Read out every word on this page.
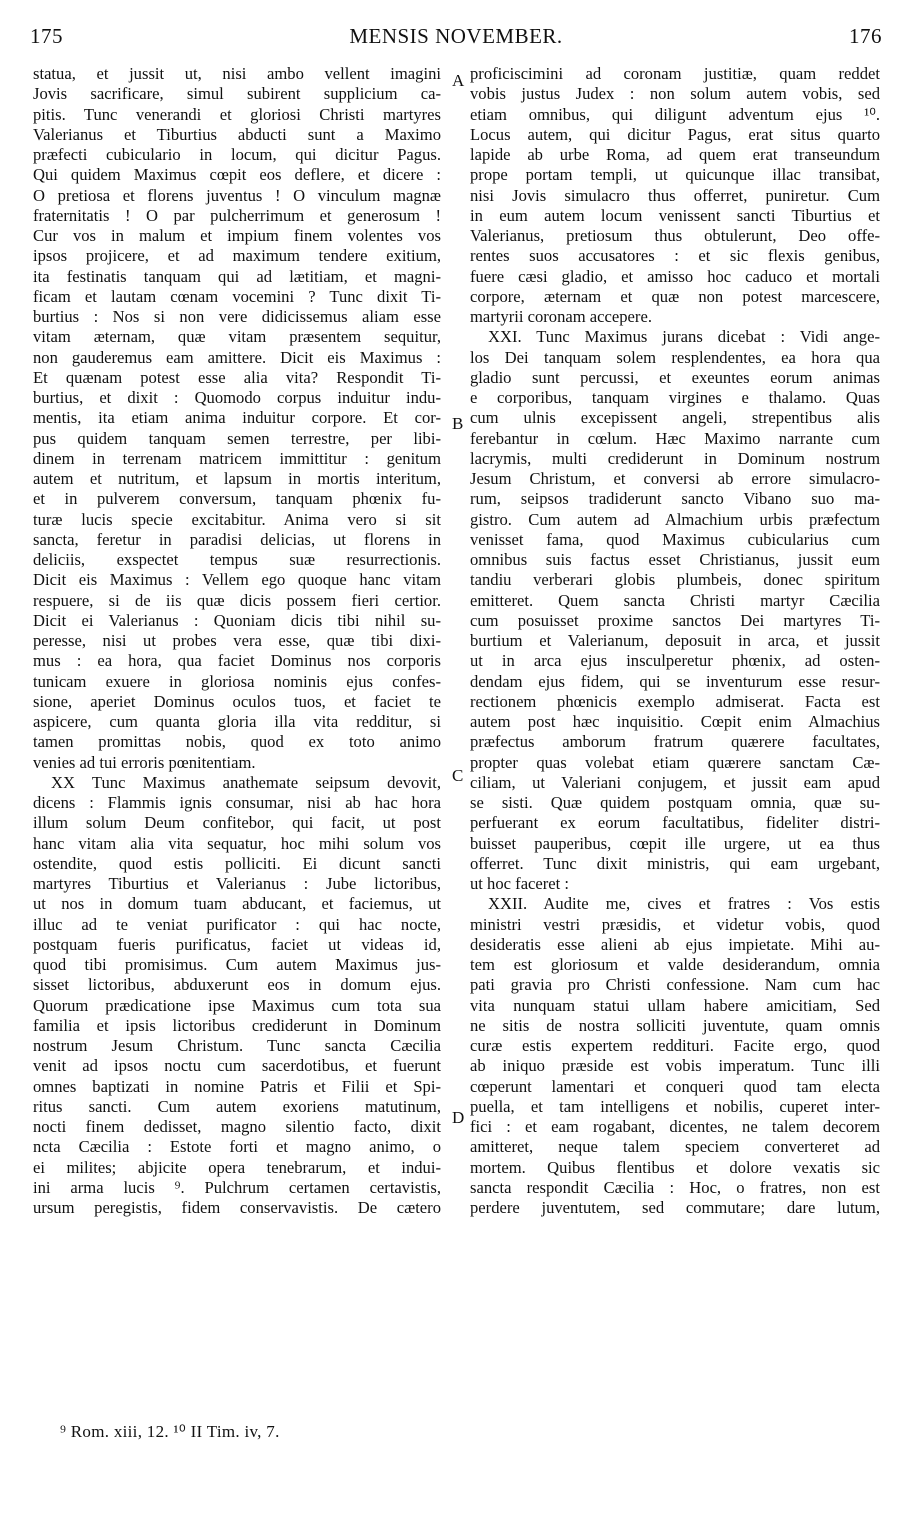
175	MENSIS NOVEMBER.	176
statua, et jussit ut, nisi ambo vellent imagini
Jovis sacrificare, simul subirent supplicium ca-
pitis. Tunc venerandi et gloriosi Christi martyres
Valerianus et Tiburtius abducti sunt a Maximo
præfecti cubiculario in locum, qui dicitur Pagus.
Qui quidem Maximus cœpit eos deflere, et dicere :
O pretiosa et florens juventus ! O vinculum magnæ
fraternitatis ! O par pulcherrimum et generosum !
Cur vos in malum et impium finem volentes vos
ipsos projicere, et ad maximum tendere exitium,
ita festinatis tanquam qui ad lætitiam, et magni-
ficam et lautam cœnam vocemini ? Tunc dixit Ti-
burtius : Nos si non vere didicissemus aliam esse
vitam æternam, quæ vitam præsentem sequitur,
non gauderemus eam amittere. Dicit eis Maximus :
Et quænam potest esse alia vita? Respondit Ti-
burtius, et dixit : Quomodo corpus induitur indu-
mentis, ita etiam anima induitur corpore. Et cor-
pus quidem tanquam semen terrestre, per libi-
dinem in terrenam matricem immittitur : genitum
autem et nutritum, et lapsum in mortis interitum,
et in pulverem conversum, tanquam phœnix fu-
turæ lucis specie excitabitur. Anima vero si sit
sancta, feretur in paradisi delicias, ut florens in
deliciis, exspectet tempus suæ resurrectionis.
Dicit eis Maximus : Vellem ego quoque hanc vitam
respuere, si de iis quæ dicis possem fieri certior.
Dicit ei Valerianus : Quoniam dicis tibi nihil su-
peresse, nisi ut probes vera esse, quæ tibi dixi-
mus : ea hora, qua faciet Dominus nos corporis
tunicam exuere in gloriosa nominis ejus confes-
sione, aperiet Dominus oculos tuos, et faciet te
aspicere, cum quanta gloria illa vita redditur, si
tamen promittas nobis, quod ex toto animo
venies ad tui erroris pœnitentiam.
XX Tunc Maximus anathemate seipsum devovit,
dicens : Flammis ignis consumar, nisi ab hac hora
illum solum Deum confitebor, qui facit, ut post
hanc vitam alia vita sequatur, hoc mihi solum vos
ostendite, quod estis polliciti. Ei dicunt sancti
martyres Tiburtius et Valerianus : Jube lictoribus,
ut nos in domum tuam abducant, et faciemus, ut
illuc ad te veniat purificator : qui hac nocte,
postquam fueris purificatus, faciet ut videas id,
quod tibi promisimus. Cum autem Maximus jus-
sisset lictoribus, abduxerunt eos in domum ejus.
Quorum prædicatione ipse Maximus cum tota sua
familia et ipsis lictoribus crediderunt in Dominum
nostrum Jesum Christum. Tunc sancta Cæcilia
venit ad ipsos noctu cum sacerdotibus, et fuerunt
omnes baptizati in nomine Patris et Filii et Spi-
ritus sancti. Cum autem exoriens matutinum,
nocti finem dedisset, magno silentio facto, dixit
ncta Cæcilia : Estote forti et magno animo, o
ei milites; abjicite opera tenebrarum, et indui-
ini arma lucis ⁹. Pulchrum certamen certavistis,
ursum peregistis, fidem conservavistis. De cætero
proficiscimini ad coronam justitiæ, quam reddet
vobis justus Judex : non solum autem vobis, sed
etiam omnibus, qui diligunt adventum ejus ¹⁰.
Locus autem, qui dicitur Pagus, erat situs quarto
lapide ab urbe Roma, ad quem erat transeundum
prope portam templi, ut quicunque illac transibat,
nisi Jovis simulacro thus offerret, puniretur. Cum
in eum autem locum venissent sancti Tiburtius et
Valerianus, pretiosum thus obtulerunt, Deo offe-
rentes suos accusatores : et sic flexis genibus,
fuere cæsi gladio, et amisso hoc caduco et mortali
corpore, æternam et quæ non potest marcescere,
martyrii coronam accepere.
XXI. Tunc Maximus jurans dicebat : Vidi ange-
los Dei tanquam solem resplendentes, ea hora qua
gladio sunt percussi, et exeuntes eorum animas
e corporibus, tanquam virgines e thalamo. Quas
cum ulnis excepissent angeli, strepentibus alis
ferebantur in cœlum. Hæc Maximo narrante cum
lacrymis, multi crediderunt in Dominum nostrum
Jesum Christum, et conversi ab errore simulacro-
rum, seipsos tradiderunt sancto Vibano suo ma-
gistro. Cum autem ad Almachium urbis præfectum
venisset fama, quod Maximus cubicularius cum
omnibus suis factus esset Christianus, jussit eum
tandiu verberari globis plumbeis, donec spiritum
emitteret. Quem sancta Christi martyr Cæcilia
cum posuisset proxime sanctos Dei martyres Ti-
burtium et Valerianum, deposuit in arca, et jussit
ut in arca ejus insculperetur phœnix, ad osten-
dendam ejus fidem, qui se inventurum esse resur-
rectionem phœnicis exemplo admiserat. Facta est
autem post hæc inquisitio. Cœpit enim Almachius
præfectus amborum fratrum quærere facultates,
propter quas volebat etiam quærere sanctam Cæ-
ciliam, ut Valeriani conjugem, et jussit eam apud
se sisti. Quæ quidem postquam omnia, quæ su-
perfuerant ex eorum facultatibus, fideliter distri-
buisset pauperibus, cœpit ille urgere, ut ea thus
offerret. Tunc dixit ministris, qui eam urgebant,
ut hoc faceret :
XXII. Audite me, cives et fratres : Vos estis
ministri vestri præsidis, et videtur vobis, quod
desideratis esse alieni ab ejus impietate. Mihi au-
tem est gloriosum et valde desiderandum, omnia
pati gravia pro Christi confessione. Nam cum hac
vita nunquam statui ullam habere amicitiam, Sed
ne sitis de nostra solliciti juventute, quam omnis
curæ estis expertem reddituri. Facite ergo, quod
ab iniquo præside est vobis imperatum. Tunc illi
cœperunt lamentari et conqueri quod tam electa
puella, et tam intelligens et nobilis, cuperet inter-
fici : et eam rogabant, dicentes, ne talem decorem
amitteret, neque talem speciem converteret ad
mortem. Quibus flentibus et dolore vexatis sic
sancta respondit Cæcilia : Hoc, o fratres, non est
perdere juventutem, sed commutare; dare lutum,
A
B
C
D
⁹ Rom. xiii, 12. ¹⁰ II Tim. iv, 7.
